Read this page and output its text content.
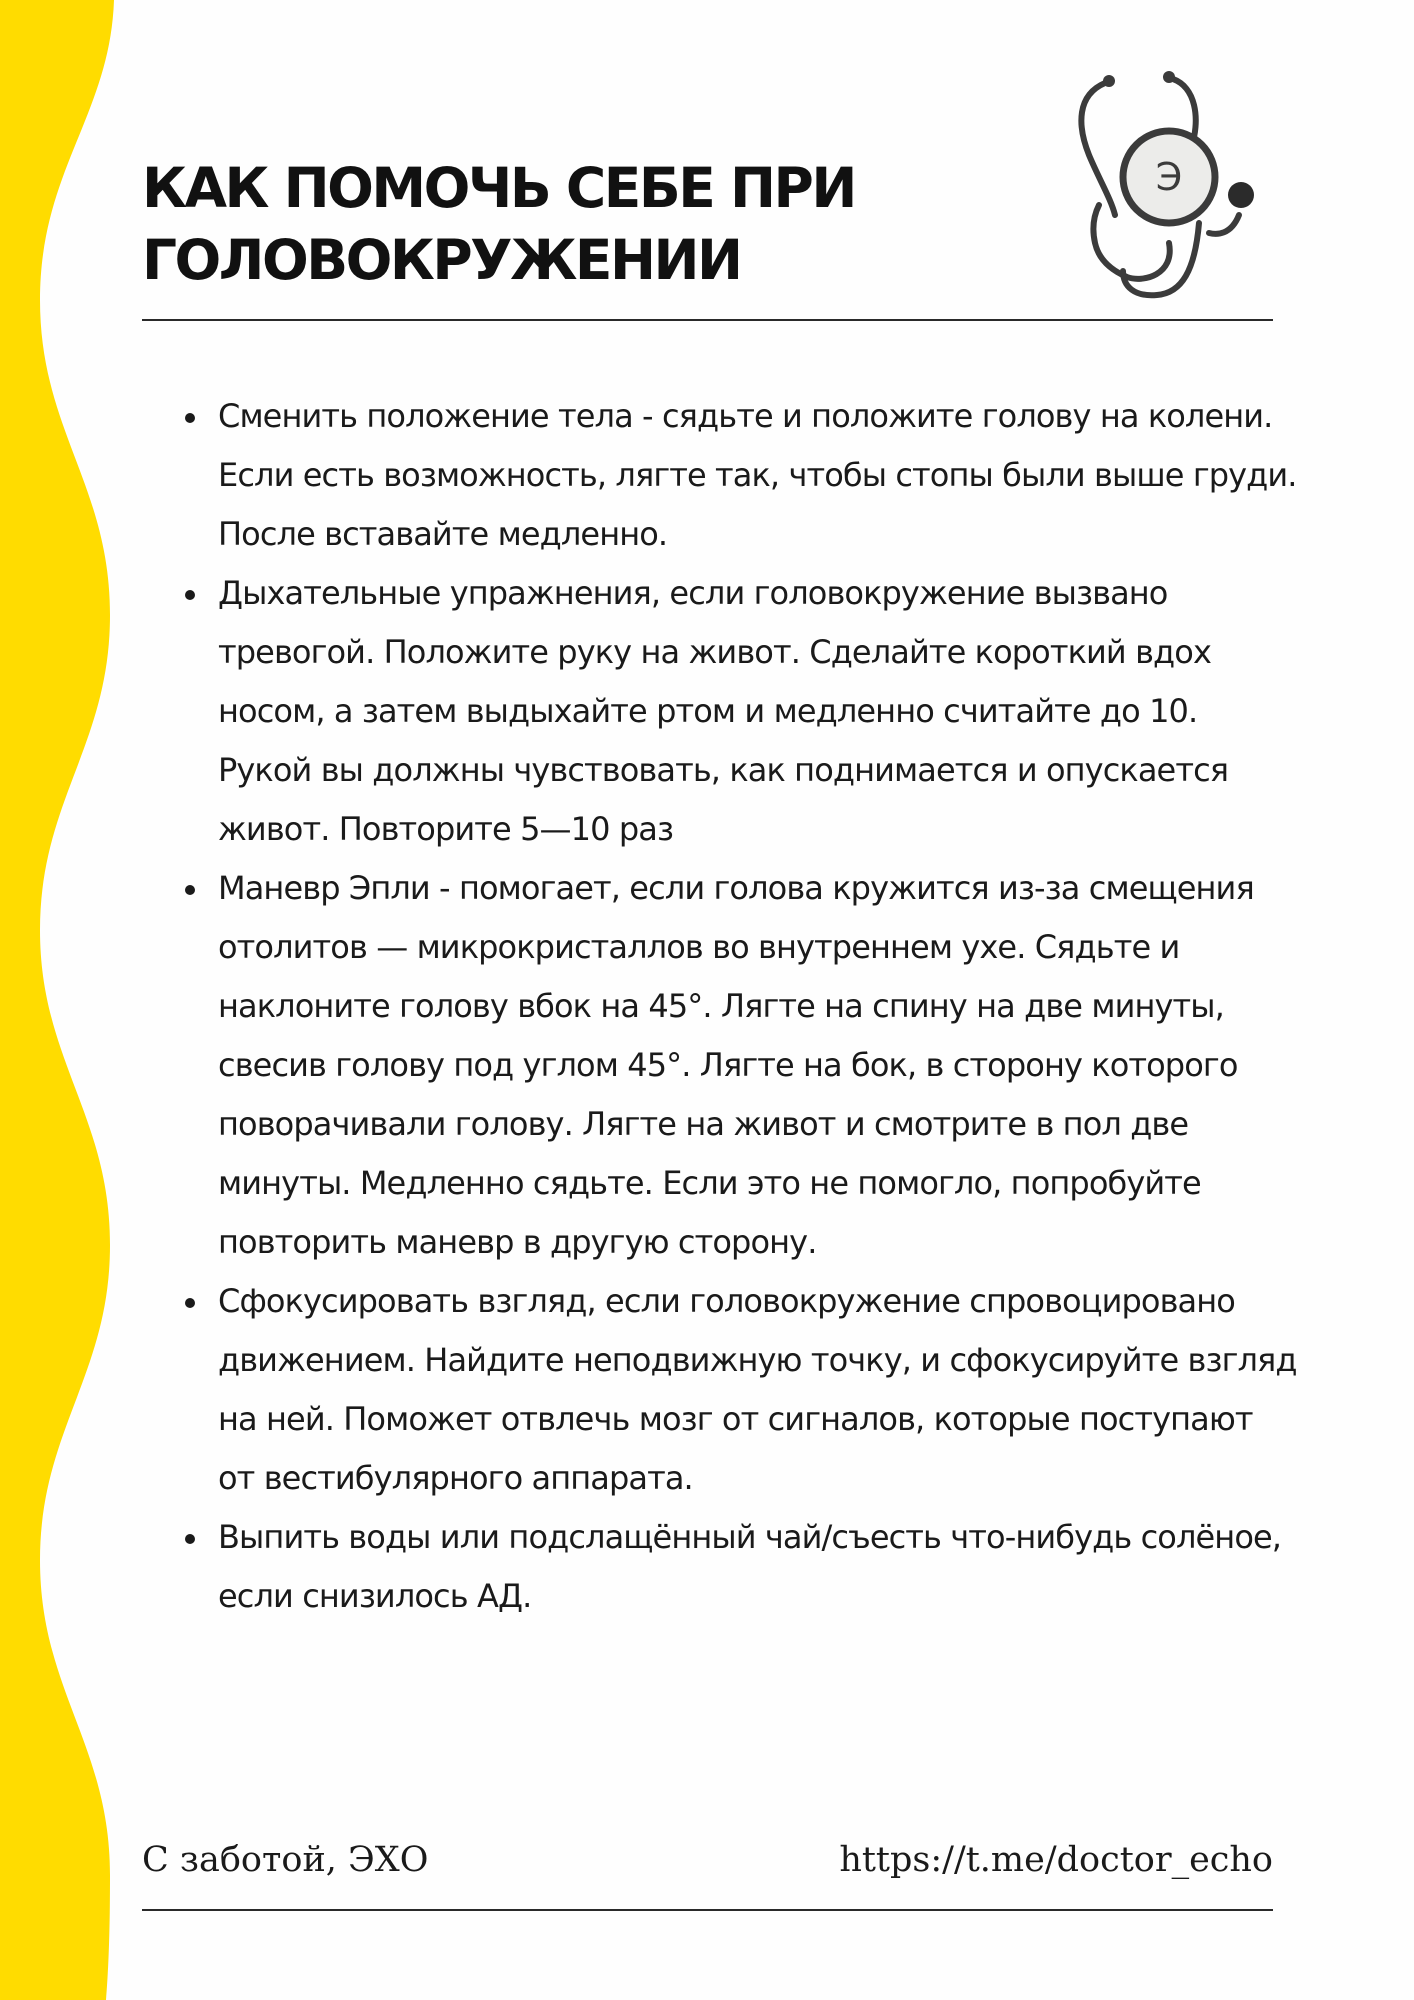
КАК ПОМОЧЬ СЕБЕ ПРИ ГОЛОВОКРУЖЕНИИ
Э
Сменить положение тела - сядьте и положите голову на колени. Если есть возможность, лягте так, чтобы стопы были выше груди. После вставайте медленно.
Дыхательные упражнения, если головокружение вызвано тревогой. Положите руку на живот. Сделайте короткий вдох носом, а затем выдыхайте ртом и медленно считайте до 10. Рукой вы должны чувствовать, как поднимается и опускается живот. Повторите 5—10 раз
Маневр Эпли - помогает, если голова кружится из-за смещения отолитов — микрокристаллов во внутреннем ухе. Сядьте и наклоните голову вбок на 45°. Лягте на спину на две минуты, свесив голову под углом 45°. Лягте на бок, в сторону которого поворачивали голову. Лягте на живот и смотрите в пол две минуты. Медленно сядьте. Если это не помогло, попробуйте повторить маневр в другую сторону.
Сфокусировать взгляд, если головокружение спровоцировано движением. Найдите неподвижную точку, и сфокусируйте взгляд на ней. Поможет отвлечь мозг от сигналов, которые поступают от вестибулярного аппарата.
Выпить воды или подслащённый чай/съесть что-нибудь солёное, если снизилось АД.
С заботой, ЭХО	https://t.me/doctor_echo
